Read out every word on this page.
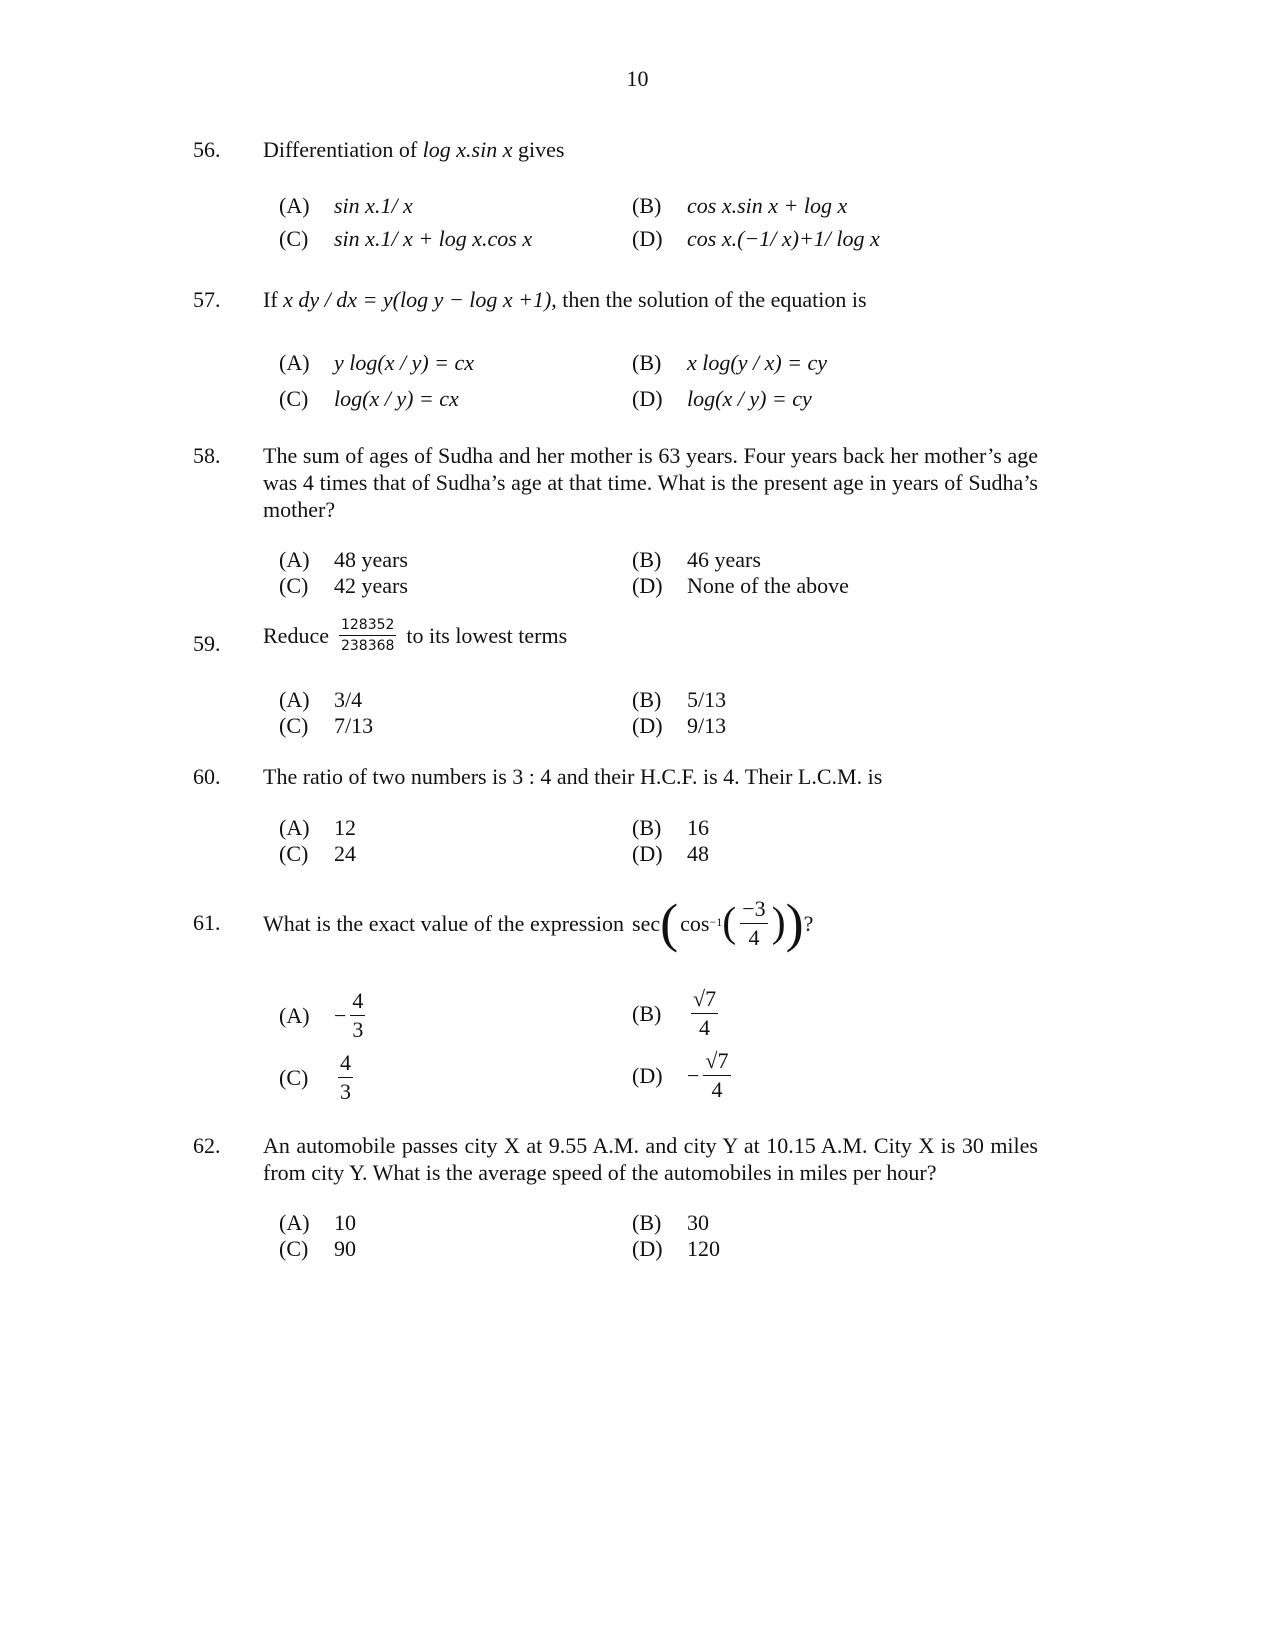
10
56.	Differentiation of log x.sin x gives
(A) sin x.1/ x	(B) cos x.sin x + log x
(C) sin x.1/ x + log x.cos x	(D) cos x.(−1/ x)+1/ log x
57.	If x dy / dx = y(log y − log x +1), then the solution of the equation is
(A) y log(x / y) = cx	(B) x log(y / x) = cy
(C) log(x / y) = cx	(D) log(x / y) = cy
58.	The sum of ages of Sudha and her mother is 63 years. Four years back her mother’s age was 4 times that of Sudha’s age at that time. What is the present age in years of Sudha’s mother?
(A) 48 years	(B) 46 years
(C) 42 years	(D) None of the above
59.	Reduce $\frac{128352}{238368}$ to its lowest terms
(A) 3/4	(B) 5/13
(C) 7/13	(D) 9/13
60.	The ratio of two numbers is 3 : 4 and their H.C.F. is 4. Their L.C.M. is
(A) 12	(B) 16
(C) 24	(D) 48
61.	What is the exact value of the expression sec ( cos −1 ( $\frac{-3}{4}$ ) ) ?
(A)	− $\frac{4}{3}$	(B)	$\frac{√7}{4}$
(C)	$\frac{4}{3}$	(D)	− $\frac{√7}{4}$
62.	An automobile passes city X at 9.55 A.M. and city Y at 10.15 A.M. City X is 30 miles from city Y. What is the average speed of the automobiles in miles per hour?
(A) 10	(B) 30
(C) 90	(D) 120
